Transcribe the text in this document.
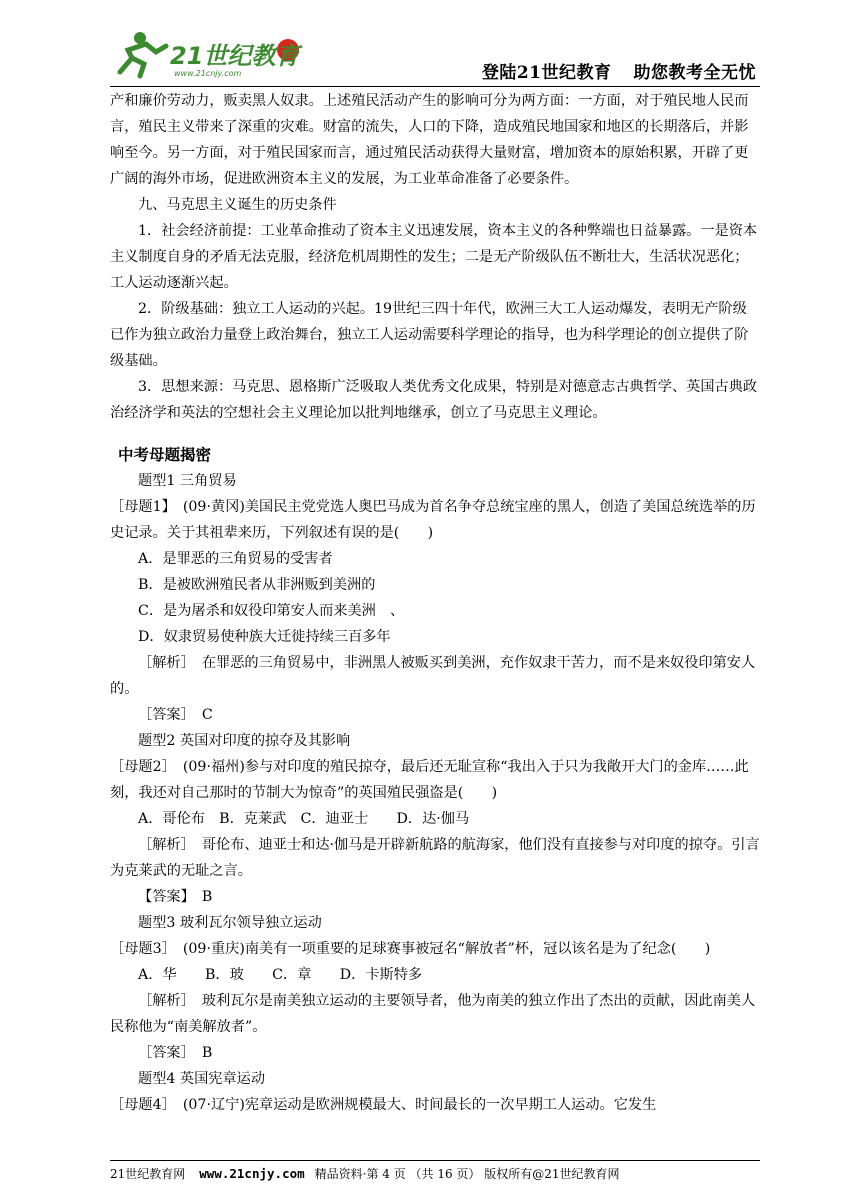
21世纪教育
www.21cnjy.com	登陆21世纪教育 助您教考全无忧

产和廉价劳动力，贩卖黑人奴隶。上述殖民活动产生的影响可分为两方面：一方面，对于殖民地人民而言，殖民主义带来了深重的灾难。财富的流失，人口的下降，造成殖民地国家和地区的长期落后，并影响至今。另一方面，对于殖民国家而言，通过殖民活动获得大量财富，增加资本的原始积累，开辟了更广阔的海外市场，促进欧洲资本主义的发展，为工业革命准备了必要条件。

九、马克思主义诞生的历史条件

1．社会经济前提：工业革命推动了资本主义迅速发展，资本主义的各种弊端也日益暴露。一是资本主义制度自身的矛盾无法克服，经济危机周期性的发生；二是无产阶级队伍不断壮大，生活状况恶化；工人运动逐渐兴起。

2．阶级基础：独立工人运动的兴起。19世纪三四十年代，欧洲三大工人运动爆发，表明无产阶级已作为独立政治力量登上政治舞台，独立工人运动需要科学理论的指导，也为科学理论的创立提供了阶级基础。

3．思想来源：马克思、恩格斯广泛吸取人类优秀文化成果，特别是对德意志古典哲学、英国古典政治经济学和英法的空想社会主义理论加以批判地继承，创立了马克思主义理论。

中考母题揭密

题型1 三角贸易

［母题1】　(09·黄冈)美国民主党党选人奥巴马成为首名争夺总统宝座的黑人，创造了美国总统选举的历史记录。关于其祖辈来历，下列叙述有误的是(　　)

A．是罪恶的三角贸易的受害者

B．是被欧洲殖民者从非洲贩到美洲的

C．是为屠杀和奴役印第安人而来美洲　、

D．奴隶贸易使种族大迁徙持续三百多年

［解析］　在罪恶的三角贸易中，非洲黑人被贩买到美洲，充作奴隶干苦力，而不是来奴役印第安人的。

［答案］　C

题型2 英国对印度的掠夺及其影响

［母题2］　(09·福州)参与对印度的殖民掠夺，最后还无耻宣称“我出入于只为我敞开大门的金库……此刻，我还对自己那时的节制大为惊奇”的英国殖民强盗是(　　)

A．哥伦布　B．克莱武　C．迪亚士　　D．达·伽马

［解析］　哥伦布、迪亚士和达·伽马是开辟新航路的航海家，他们没有直接参与对印度的掠夺。引言为克莱武的无耻之言。

【答案】　B

题型3 玻利瓦尔领导独立运动

［母题3］　(09·重庆)南美有一项重要的足球赛事被冠名“解放者”杯，冠以该名是为了纪念(　　)

A．华　　B．玻　　C．章　　D．卡斯特多

［解析］　玻利瓦尔是南美独立运动的主要领导者，他为南美的独立作出了杰出的贡献，因此南美人民称他为“南美解放者”。

［答案］　B

题型4 英国宪章运动

［母题4］　(07·辽宁)宪章运动是欧洲规模最大、时间最长的一次早期工人运动。它发生

21世纪教育网 www.21cnjy.com 精品资料·第 4 页 （共 16 页） 版权所有@21世纪教育网
